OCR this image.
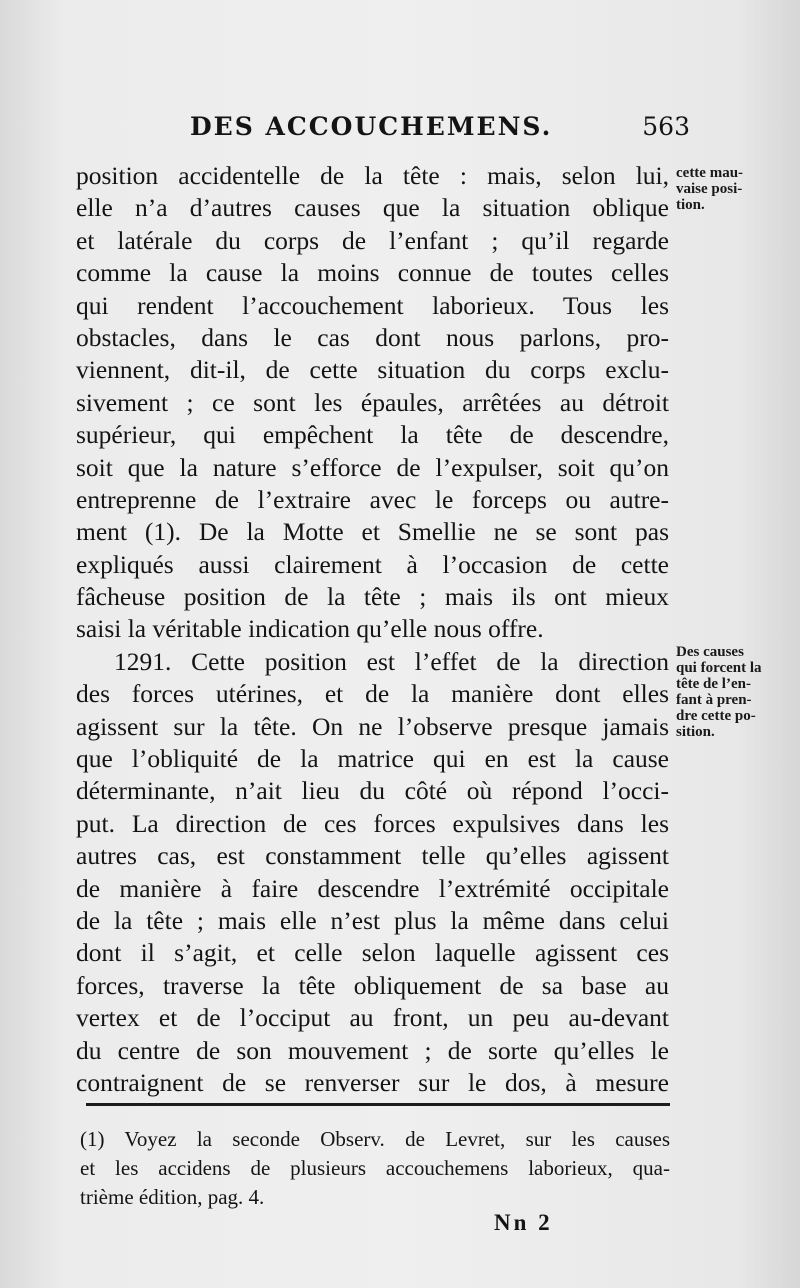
DES ACCOUCHEMENS.	563
position accidentelle de la tête : mais, selon lui,
elle n’a d’autres causes que la situation oblique
et latérale du corps de l’enfant ; qu’il regarde
comme la cause la moins connue de toutes celles
qui rendent l’accouchement laborieux. Tous les
obstacles, dans le cas dont nous parlons, pro-
viennent, dit-il, de cette situation du corps exclu-
sivement ; ce sont les épaules, arrêtées au détroit
supérieur, qui empêchent la tête de descendre,
soit que la nature s’efforce de l’expulser, soit qu’on
entreprenne de l’extraire avec le forceps ou autre-
ment (1). De la Motte et Smellie ne se sont pas
expliqués aussi clairement à l’occasion de cette
fâcheuse position de la tête ; mais ils ont mieux
saisi la véritable indication qu’elle nous offre.
1291. Cette position est l’effet de la direction
des forces utérines, et de la manière dont elles
agissent sur la tête. On ne l’observe presque jamais
que l’obliquité de la matrice qui en est la cause
déterminante, n’ait lieu du côté où répond l’occi-
put. La direction de ces forces expulsives dans les
autres cas, est constamment telle qu’elles agissent
de manière à faire descendre l’extrémité occipitale
de la tête ; mais elle n’est plus la même dans celui
dont il s’agit, et celle selon laquelle agissent ces
forces, traverse la tête obliquement de sa base au
vertex et de l’occiput au front, un peu au-devant
du centre de son mouvement ; de sorte qu’elles le
contraignent de se renverser sur le dos, à mesure
cette mau-
vaise posi-
tion.
Des causes
qui forcent la
tête de l’en-
fant à pren-
dre cette po-
sition.
(1) Voyez la seconde Observ. de Levret, sur les causes
et les accidens de plusieurs accouchemens laborieux, qua-
trième édition, pag. 4.
Nn 2
